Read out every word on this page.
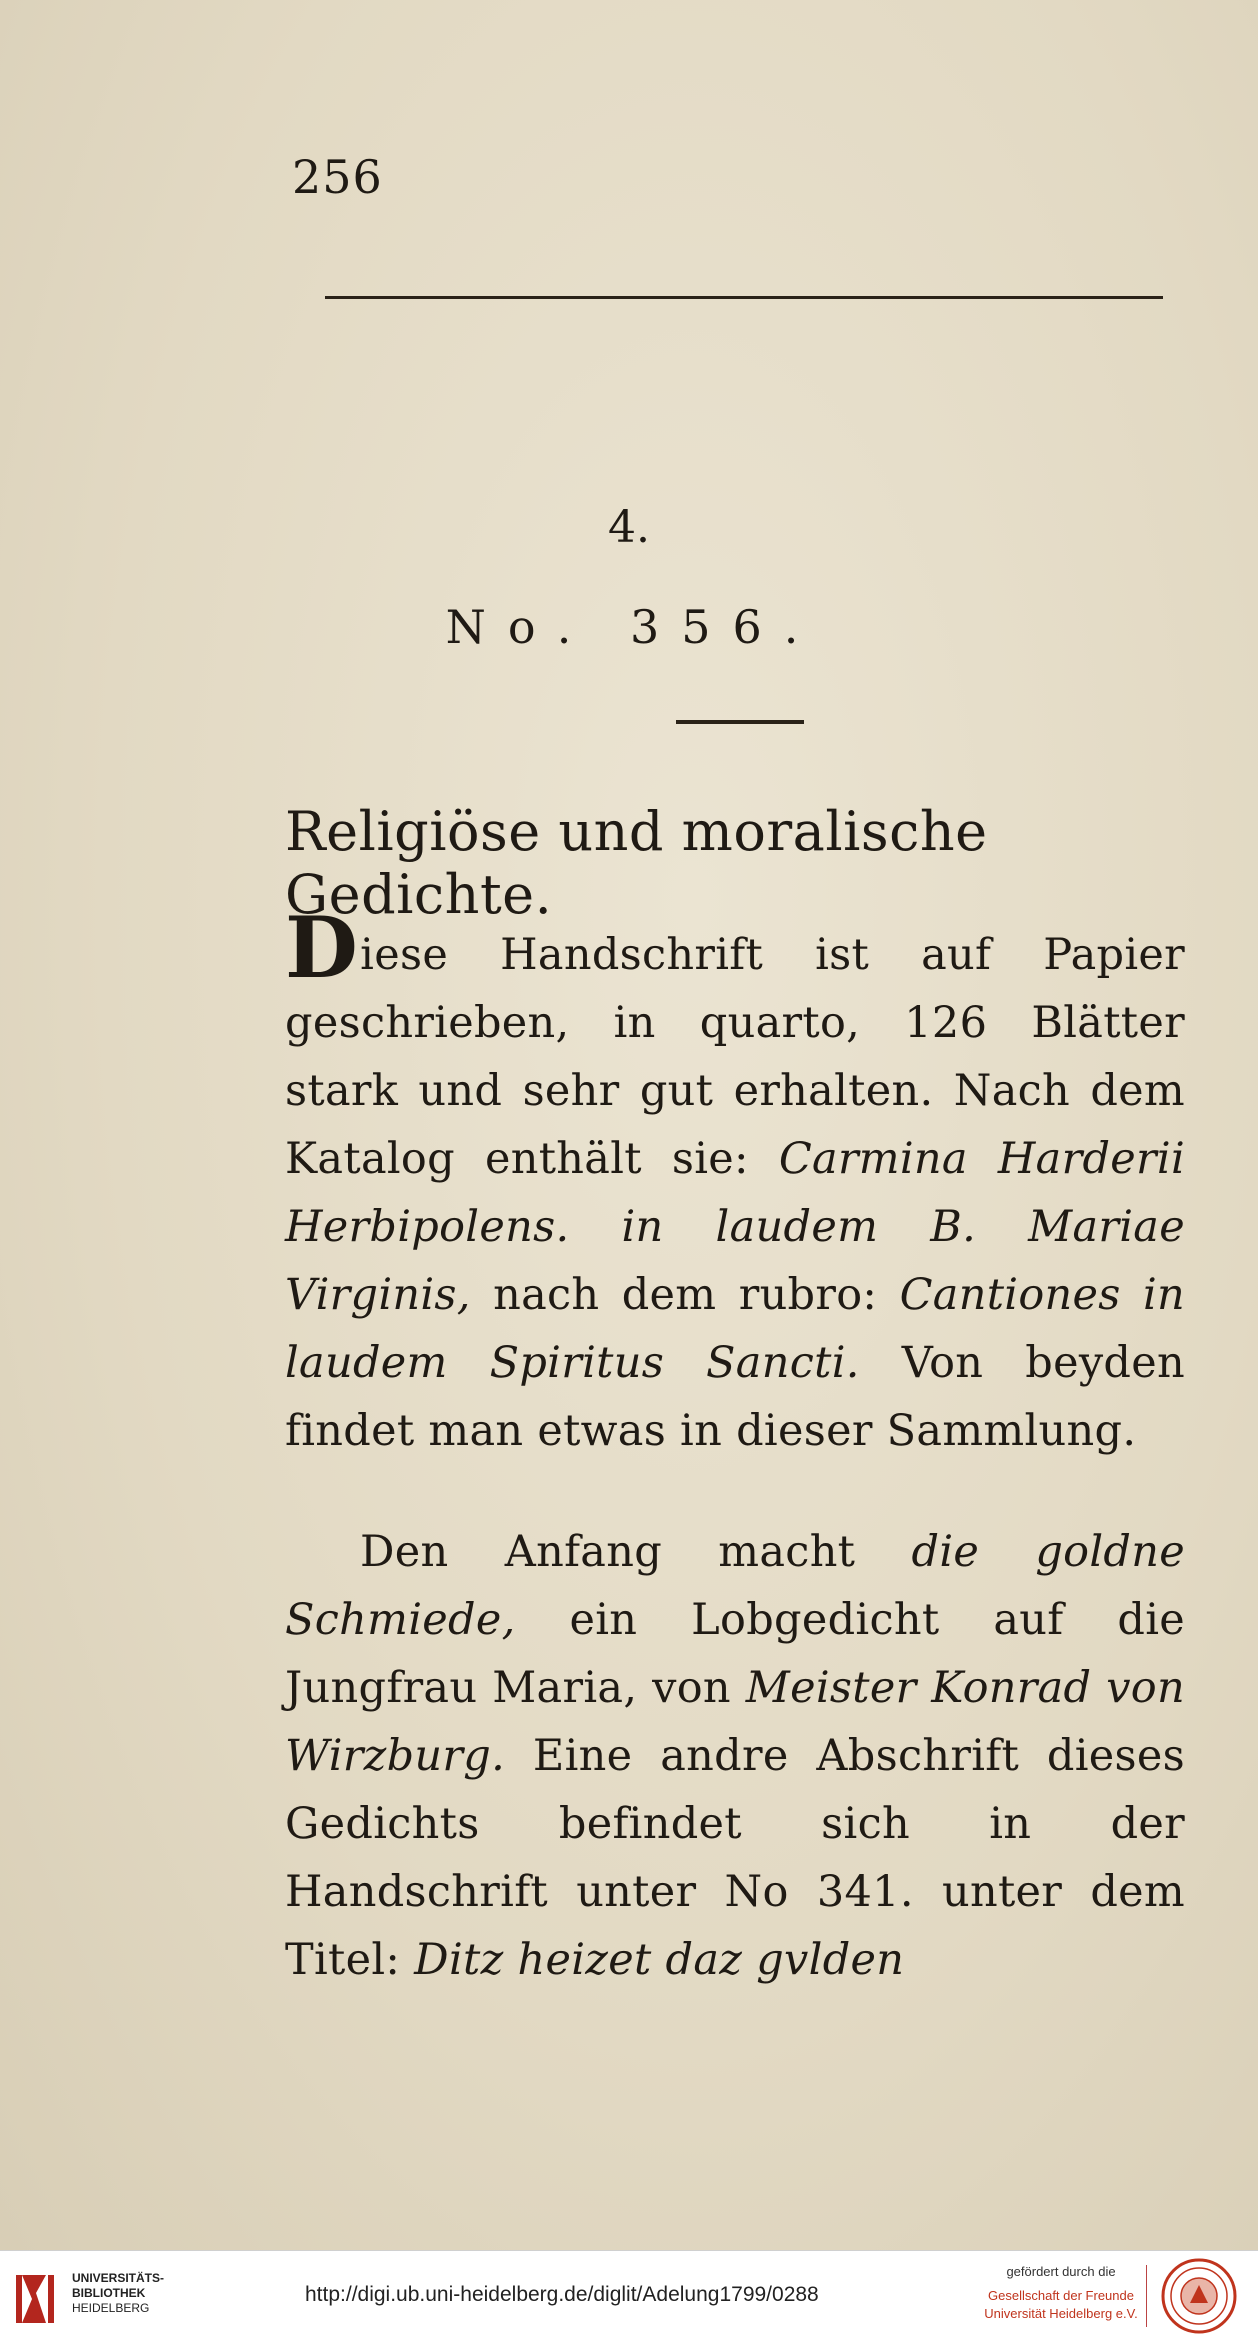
256
4.
No. 356.
Religiöse und moralische Gedichte.
Diese Handschrift ist auf Papier geschrieben, in quarto, 126 Blätter stark und sehr gut erhalten. Nach dem Katalog enthält sie: Carmina Harderii Herbipolens. in laudem B. Mariae Virginis, nach dem rubro: Cantiones in laudem Spiritus Sancti. Von beyden findet man etwas in dieser Sammlung.
Den Anfang macht die goldne Schmiede, ein Lobgedicht auf die Jungfrau Maria, von Meister Konrad von Wirzburg. Eine andre Abschrift dieses Gedichts befindet sich in der Handschrift unter No 341. unter dem Titel: Ditz heizet daz gvlden
UNIVERSITÄTS-
BIBLIOTHEK
HEIDELBERG
http://digi.ub.uni-heidelberg.de/diglit/Adelung1799/0288
gefördert durch die
Gesellschaft der Freunde
Universität Heidelberg e.V.
